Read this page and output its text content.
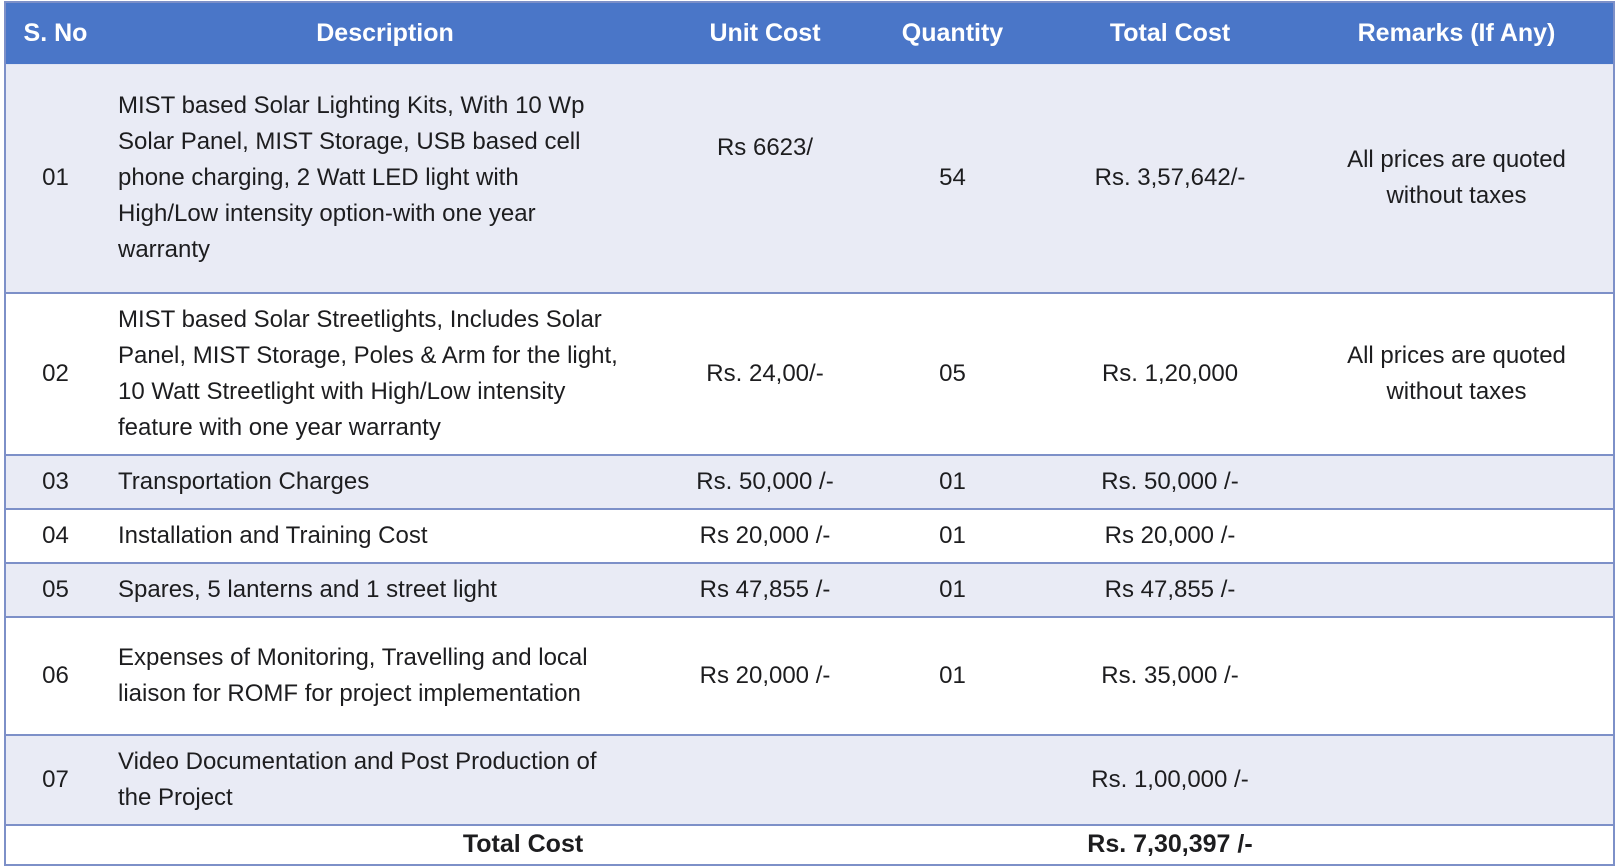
S. No	Description	Unit Cost	Quantity	Total Cost	Remarks (If Any)
01	MIST based Solar Lighting Kits, With 10 Wp Solar Panel, MIST Storage, USB based cell phone charging, 2 Watt LED light with High/Low intensity option-with one year warranty	Rs 6623/	54	Rs. 3,57,642/-	All prices are quoted without taxes
02	MIST based Solar Streetlights, Includes Solar Panel, MIST Storage, Poles & Arm for the light, 10 Watt Streetlight with High/Low intensity feature with one year warranty	Rs. 24,00/-	05	Rs. 1,20,000	All prices are quoted without taxes
03	Transportation Charges	Rs. 50,000 /-	01	Rs. 50,000 /-	
04	Installation and Training Cost	Rs 20,000 /-	01	Rs 20,000 /-	
05	Spares, 5 lanterns and 1 street light	Rs 47,855 /-	01	Rs 47,855 /-	
06	Expenses of Monitoring, Travelling and local liaison for ROMF for project implementation	Rs 20,000 /-	01	Rs. 35,000 /-	
07	Video Documentation and Post Production of the Project			Rs. 1,00,000 /-	
Total Cost				Rs. 7,30,397 /-	
